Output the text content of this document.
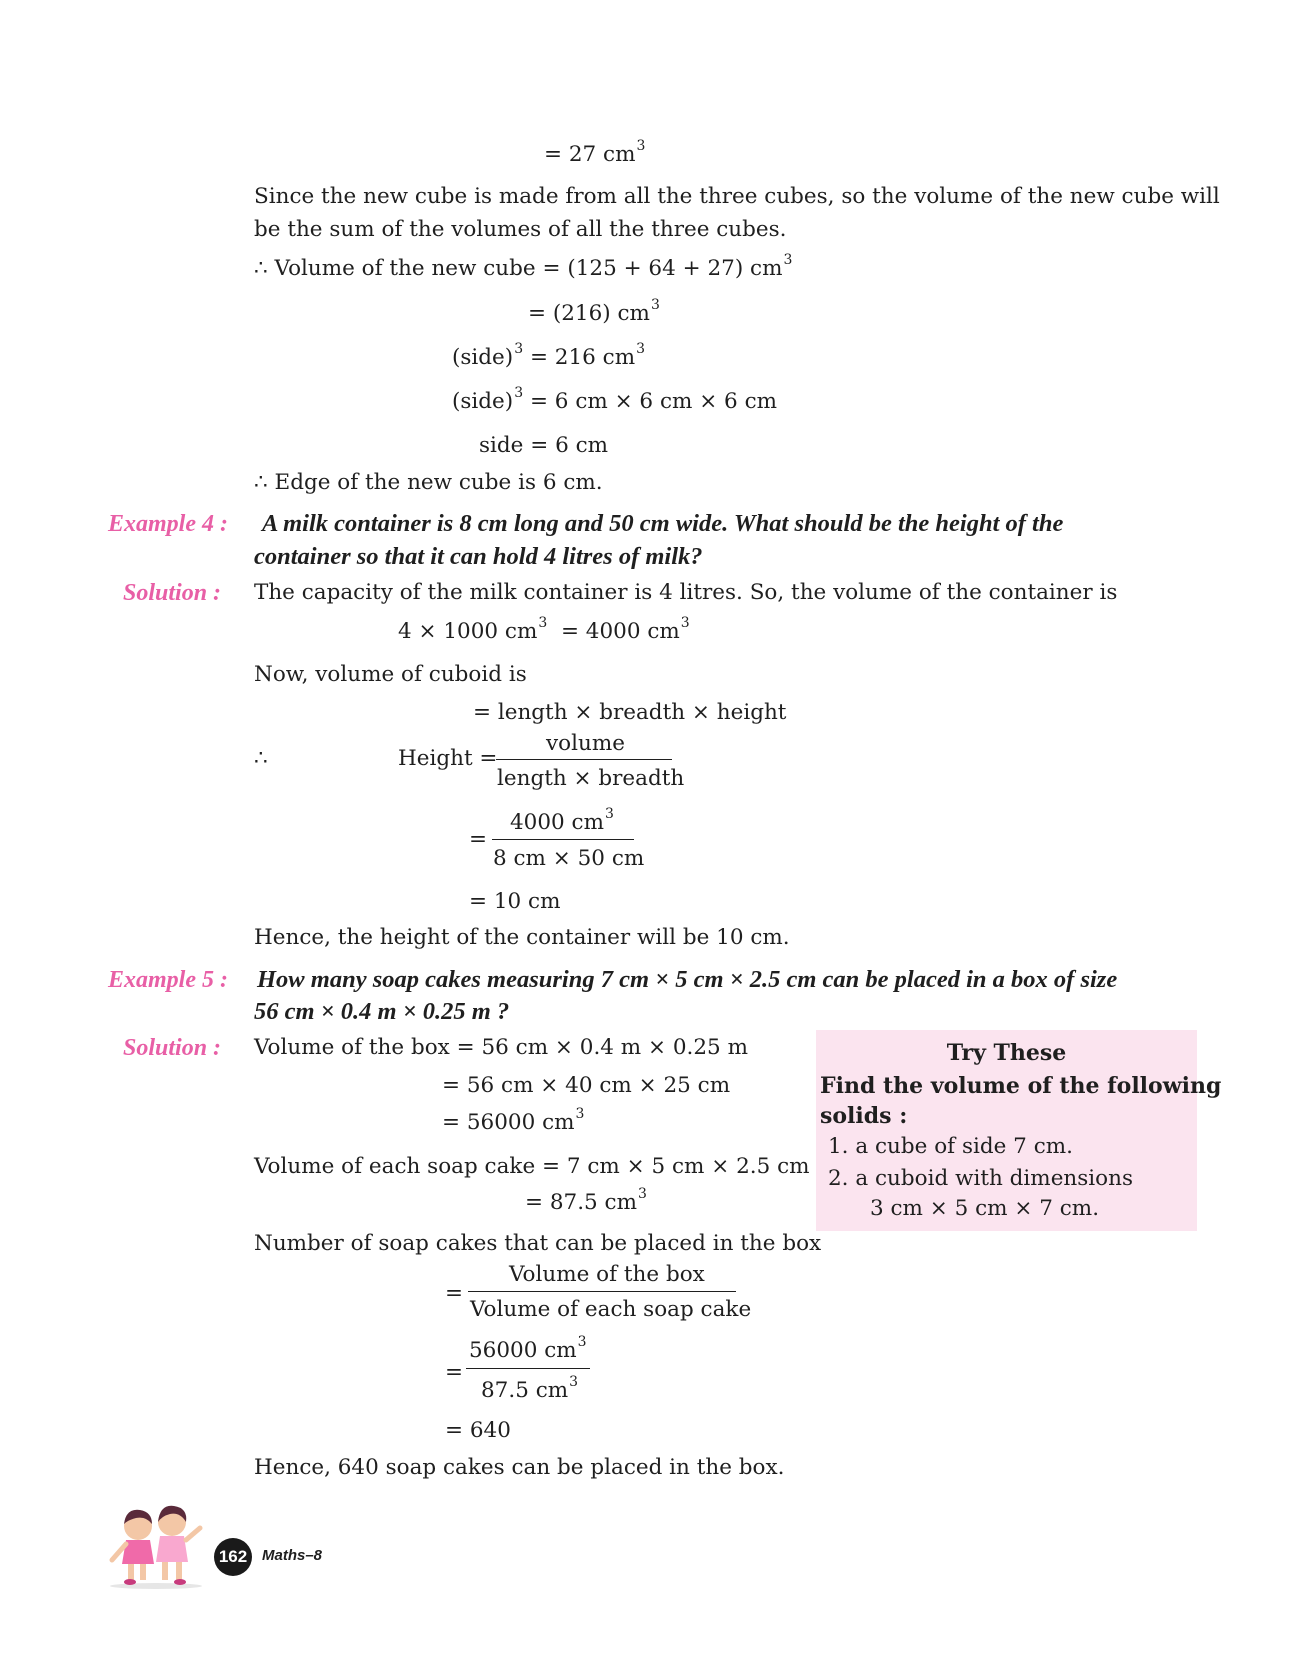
= 27 $cm^3$
Since the new cube is made from all the three cubes, so the volume of the new cube will
be the sum of the volumes of all the three cubes.
∴ Volume of the new cube = (125 + 64 + 27) $cm^3$
= (216) $cm^3$
(side)$^3$ = 216 $cm^3$
(side)$^3$ = 6 cm × 6 cm × 6 cm
side = 6 cm
∴ Edge of the new cube is 6 cm.
Example 4 : A milk container is 8 cm long and 50 cm wide. What should be the height of the
container so that it can hold 4 litres of milk?
Solution : The capacity of the milk container is 4 litres. So, the volume of the container is
4 × 1000 $cm^3 = 4000$ $cm^3$
Now, volume of cuboid is
= length × breadth × height
∴	Height =
volume
length × breadth
=
4000 $cm^3$
8 cm × 50 cm
= 10 cm
Hence, the height of the container will be 10 cm.
Example 5 : How many soap cakes measuring 7 cm × 5 cm × 2.5 cm can be placed in a box of size
56 cm × 0.4 m × 0.25 m ?
Solution : Volume of the box = 56 cm × 0.4 m × 0.25 m
= 56 cm × 40 cm × 25 cm
= 56000 $cm^3$
Volume of each soap cake = 7 cm × 5 cm × 2.5 cm
= 87.5 $cm^3$
Number of soap cakes that can be placed in the box
=
Volume of the box
Volume of each soap cake
=
56000 $cm^3$
87.5 $cm^3$
= 640
Hence, 640 soap cakes can be placed in the box.
Try These
Find the volume of the following
solids :
1. a cube of side 7 cm.
2. a cuboid with dimensions
3 cm × 5 cm × 7 cm.
162 Maths–8
